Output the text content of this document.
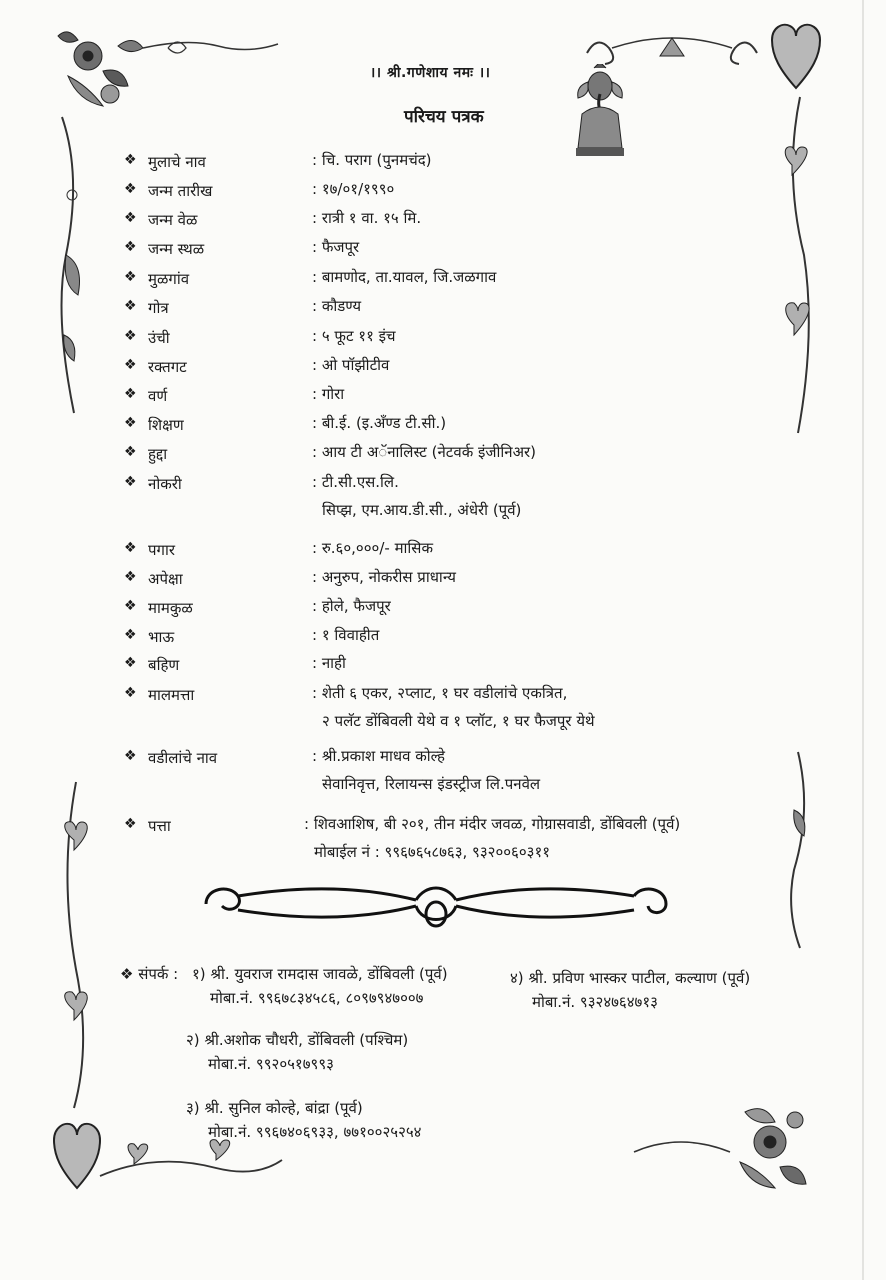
।। श्री.गणेशाय नमः ।।
परिचय पत्रक
❖ मुलाचे नाव	: चि. पराग (पुनमचंद)
❖ जन्म तारीख	: १७/०१/१९९०
❖ जन्म वेळ	: रात्री १ वा. १५ मि.
❖ जन्म स्थळ	: फैजपूर
❖ मुळगांव	: बामणोद, ता.यावल, जि.जळगाव
❖ गोत्र	: कौडण्य
❖ उंची	: ५ फूट ११ इंच
❖ रक्तगट	: ओ पॉझीटीव
❖ वर्ण	: गोरा
❖ शिक्षण	: बी.ई. (इ.अँण्ड टी.सी.)
❖ हुद्दा	: आय टी अॅनालिस्ट (नेटवर्क इंजीनिअर)
❖ नोकरी	: टी.सी.एस.लि.
सिप्झ, एम.आय.डी.सी., अंधेरी (पूर्व)
❖ पगार	: रु.६०,०००/- मासिक
❖ अपेक्षा	: अनुरुप, नोकरीस प्राधान्य
❖ मामकुळ	: होले, फैजपूर
❖ भाऊ	: १ विवाहीत
❖ बहिण	: नाही
❖ मालमत्ता	: शेती ६ एकर, २प्लाट, १ घर वडीलांचे एकत्रित,
२ पलॅट डोंबिवली येथे व १ प्लॉट, १ घर फैजपूर येथे
❖ वडीलांचे नाव	: श्री.प्रकाश माधव कोल्हे
सेवानिवृत्त, रिलायन्स इंडस्ट्रीज लि.पनवेल
❖ पत्ता	: शिवआशिष, बी २०१, तीन मंदीर जवळ, गोग्रासवाडी, डोंबिवली (पूर्व)
मोबाईल नं : ९९६७६५८७६३, ९३२००६०३११
❖ संपर्क : १) श्री. युवराज रामदास जावळे, डोंबिवली (पूर्व)
मोबा.नं. ९९६७८३४५८६, ८०९७९४७००७
४) श्री. प्रविण भास्कर पाटील, कल्याण (पूर्व)
मोबा.नं. ९३२४७६४७१३
२) श्री.अशोक चौधरी, डोंबिवली (पश्चिम)
मोबा.नं. ९९२०५१७९९३
३) श्री. सुनिल कोल्हे, बांद्रा (पूर्व)
मोबा.नं. ९९६७४०६९३३, ७७१००२५२५४
